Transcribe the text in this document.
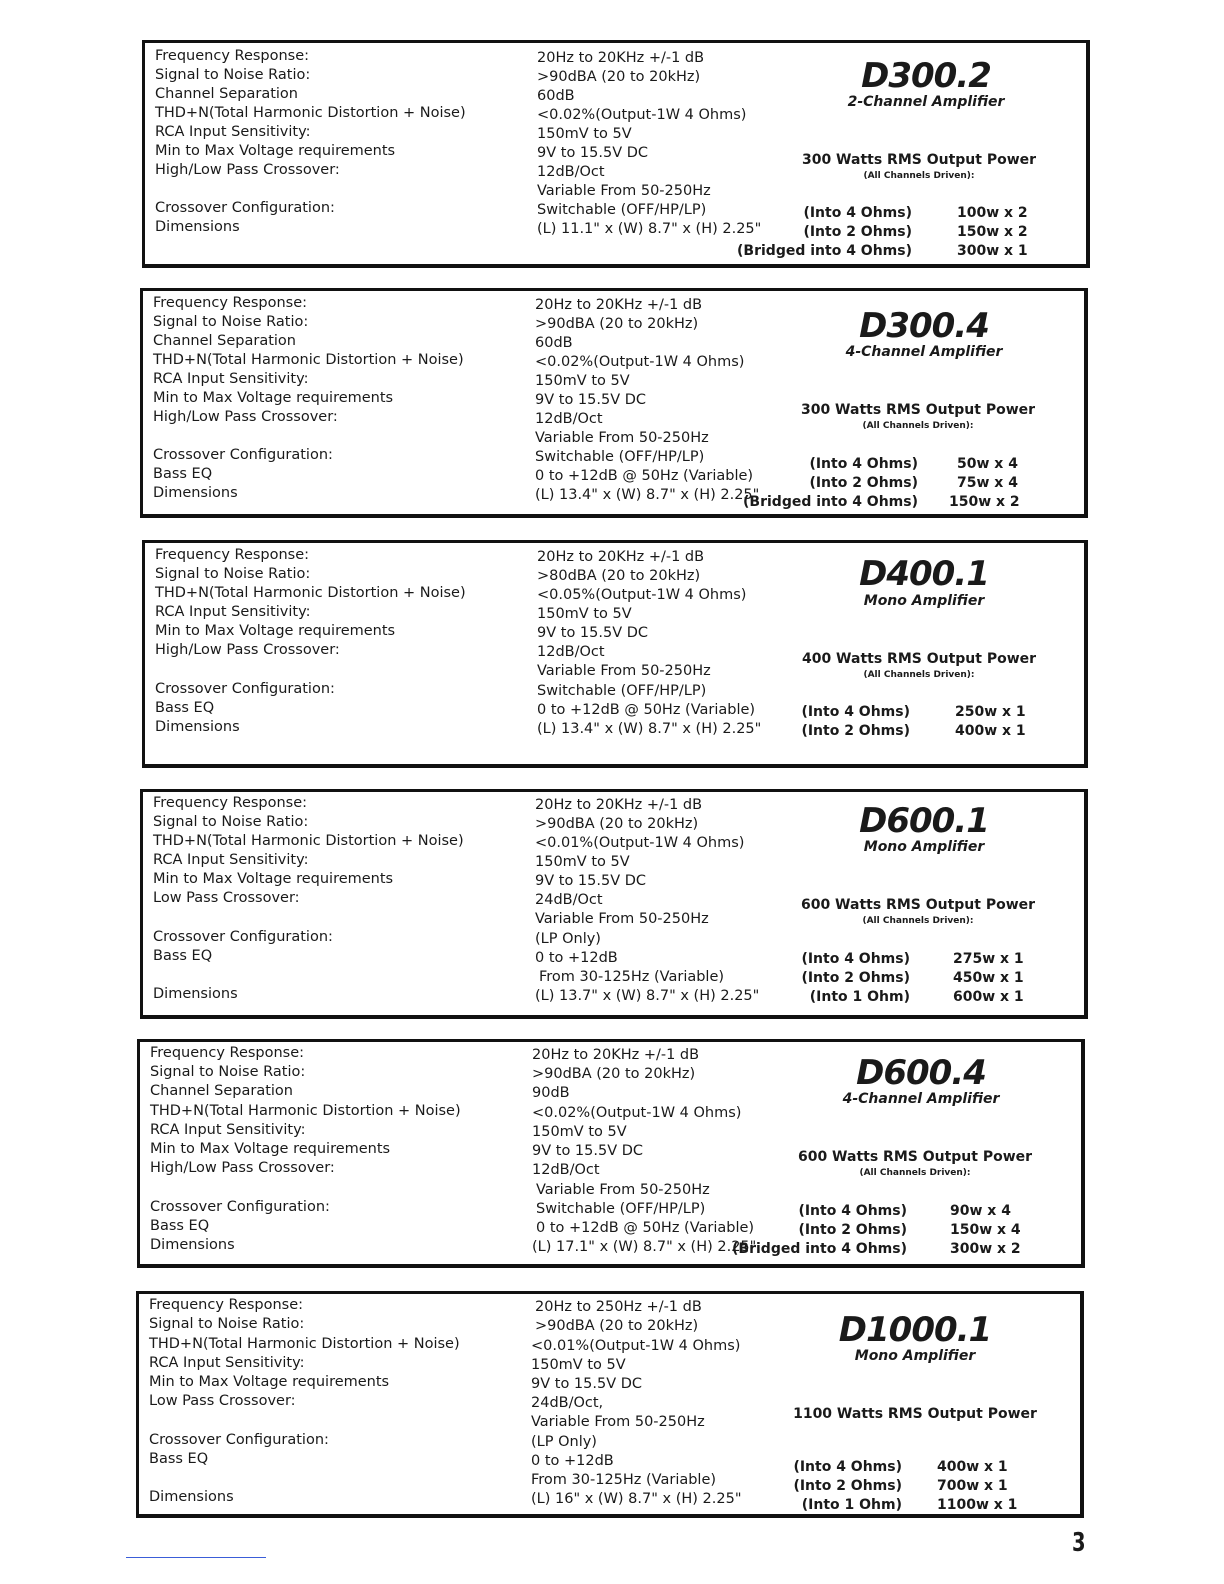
Frequency Response:	20Hz to 20KHz +/-1 dB
Signal to Noise Ratio:	>90dBA (20 to 20kHz)
Channel Separation	60dB
THD+N(Total Harmonic Distortion + Noise)	<0.02%(Output-1W 4 Ohms)
RCA Input Sensitivity:	150mV to 5V
Min to Max Voltage requirements	9V to 15.5V DC
High/Low Pass Crossover:	12dB/Oct
Variable From 50-250Hz
Crossover Configuration:	Switchable (OFF/HP/LP)
Dimensions	(L) 11.1" x (W) 8.7" x (H) 2.25"
D300.2
2-Channel Amplifier
300 Watts RMS Output Power
(All Channels Driven):
(Into 4 Ohms)	100w x 2
(Into 2 Ohms)	150w x 2
(Bridged into 4 Ohms)	300w x 1
Frequency Response:	20Hz to 20KHz +/-1 dB
Signal to Noise Ratio:	>90dBA (20 to 20kHz)
Channel Separation	60dB
THD+N(Total Harmonic Distortion + Noise)	<0.02%(Output-1W 4 Ohms)
RCA Input Sensitivity:	150mV to 5V
Min to Max Voltage requirements	9V to 15.5V DC
High/Low Pass Crossover:	12dB/Oct
Variable From 50-250Hz
Crossover Configuration:	Switchable (OFF/HP/LP)
Bass EQ	0 to +12dB @ 50Hz (Variable)
Dimensions	(L) 13.4" x (W) 8.7" x (H) 2.25"
D300.4
4-Channel Amplifier
300 Watts RMS Output Power
(All Channels Driven):
(Into 4 Ohms)	50w x 4
(Into 2 Ohms)	75w x 4
(Bridged into 4 Ohms) 150w x 2
Frequency Response:	20Hz to 20KHz +/-1 dB
Signal to Noise Ratio:	>80dBA (20 to 20kHz)
THD+N(Total Harmonic Distortion + Noise)	<0.05%(Output-1W 4 Ohms)
RCA Input Sensitivity:	150mV to 5V
Min to Max Voltage requirements	9V to 15.5V DC
High/Low Pass Crossover:	12dB/Oct
Variable From 50-250Hz
Crossover Configuration:	Switchable (OFF/HP/LP)
Bass EQ	0 to +12dB @ 50Hz (Variable)
Dimensions	(L) 13.4" x (W) 8.7" x (H) 2.25"
D400.1
Mono Amplifier
400 Watts RMS Output Power
(All Channels Driven):
(Into 4 Ohms)	250w x 1
(Into 2 Ohms)	400w x 1
Frequency Response:	20Hz to 20KHz +/-1 dB
Signal to Noise Ratio:	>90dBA (20 to 20kHz)
THD+N(Total Harmonic Distortion + Noise)	<0.01%(Output-1W 4 Ohms)
RCA Input Sensitivity:	150mV to 5V
Min to Max Voltage requirements	9V to 15.5V DC
Low Pass Crossover:	24dB/Oct
Variable From 50-250Hz
Crossover Configuration:	(LP Only)
Bass EQ	0 to +12dB
From 30-125Hz (Variable)
Dimensions	(L) 13.7" x (W) 8.7" x (H) 2.25"
D600.1
Mono Amplifier
600 Watts RMS Output Power
(All Channels Driven):
(Into 4 Ohms)	275w x 1
(Into 2 Ohms)	450w x 1
(Into 1 Ohm)	600w x 1
Frequency Response:	20Hz to 20KHz +/-1 dB
Signal to Noise Ratio:	>90dBA (20 to 20kHz)
Channel Separation	90dB
THD+N(Total Harmonic Distortion + Noise)	<0.02%(Output-1W 4 Ohms)
RCA Input Sensitivity:	150mV to 5V
Min to Max Voltage requirements	9V to 15.5V DC
High/Low Pass Crossover:	12dB/Oct
Variable From 50-250Hz
Crossover Configuration:	Switchable (OFF/HP/LP)
Bass EQ	0 to +12dB @ 50Hz (Variable)
Dimensions	(L) 17.1" x (W) 8.7" x (H) 2.25"
D600.4
4-Channel Amplifier
600 Watts RMS Output Power
(All Channels Driven):
(Into 4 Ohms)	90w x 4
(Into 2 Ohms)	150w x 4
(Bridged into 4 Ohms)	300w x 2
Frequency Response:	20Hz to 250Hz +/-1 dB
Signal to Noise Ratio:	>90dBA (20 to 20kHz)
THD+N(Total Harmonic Distortion + Noise)	<0.01%(Output-1W 4 Ohms)
RCA Input Sensitivity:	150mV to 5V
Min to Max Voltage requirements	9V to 15.5V DC
Low Pass Crossover:	24dB/Oct,
Variable From 50-250Hz
Crossover Configuration:	(LP Only)
Bass EQ	0 to +12dB
From 30-125Hz (Variable)
Dimensions	(L) 16" x (W) 8.7" x (H) 2.25"
D1000.1
Mono Amplifier
1100 Watts RMS Output Power
(Into 4 Ohms)	400w x 1
(Into 2 Ohms)	700w x 1
(Into 1 Ohm)	1100w x 1
3
